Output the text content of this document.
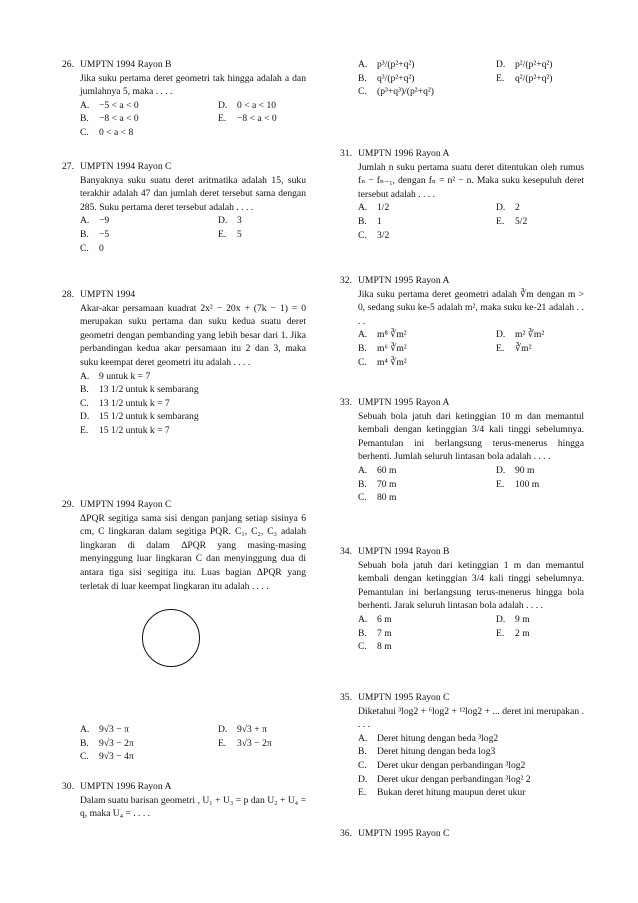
26. UMPTN 1994 Rayon B
Jika suku pertama deret geometri tak hingga adalah a dan jumlahnya 5, maka . . . .
A.	−5 < a < 0	D.	0 < a < 10
B.	−8 < a < 0	E.	−8 < a < 0
C.	0 < a < 8
27. UMPTN 1994 Rayon C
Banyaknya suku suatu deret aritmatika adalah 15, suku terakhir adalah 47 dan jumlah deret tersebut sama dengan 285. Suku pertama deret tersebut adalah . . . .
A.	−9	D.	3
B.	−5	E.	5
C.	0
28. UMPTN 1994
Akar-akar persamaan kuadrat 2x² − 20x + (7k − 1) = 0 merupakan suku pertama dan suku kedua suatu deret geometri dengan pembanding yang lebih besar dari 1. Jika perbandingan kedua akar persamaan itu 2 dan 3, maka suku keempat deret geometri itu adalah . . . .
A.	9 untuk k = 7
B.	13 1/2 untuk k sembarang
C.	13 1/2 untuk k = 7
D.	15 1/2 untuk k sembarang
E.	15 1/2 untuk k = 7
29. UMPTN 1994 Rayon C
ΔPQR segitiga sama sisi dengan panjang setiap sisinya 6 cm, C lingkaran dalam segitiga PQR. C₁, C₂, C₃ adalah lingkaran di dalam ΔPQR yang masing-masing menyinggung luar lingkaran C dan menyinggung dua di antara tiga sisi segitiga itu. Luas bagian ΔPQR yang terletak di luar keempat lingkaran itu adalah . . . .
A.	9√3 − π	D.	9√3 + π
B.	9√3 − 2π	E.	3√3 − 2π
C.	9√3 − 4π
30. UMPTN 1996 Rayon A
Dalam suatu barisan geometri , U₁ + U₃ = p dan U₂ + U₄ = q, maka U₄ = . . . .
A.	p³/(p²+q²)	D.	p²/(p²+q²)
B.	q³/(p²+q²)	E.	q²/(p²+q²)
C.	(p³+q³)/(p²+q²)
31. UMPTN 1996 Rayon A
Jumlah n suku pertama suatu deret ditentukan oleh rumus fₙ − fₙ₋₁, dengan fₙ = n² − n. Maka suku kesepuluh deret tersebut adalah . . . .
A.	1/2	D.	2
B.	1	E.	5/2
C.	3/2
32. UMPTN 1995 Rayon A
Jika suku pertama deret geometri adalah ∛m dengan m > 0, sedang suku ke-5 adalah m², maka suku ke-21 adalah . . . .
A.	m⁸ ∛m²	D.	m² ∛m²
B.	m⁶ ∛m²	E.	∛m²
C.	m⁴ ∛m²
33. UMPTN 1995 Rayon A
Sebuah bola jatuh dari ketinggian 10 m dan memantul kembali dengan ketinggian 3/4 kali tinggi sebelumnya. Pemantulan ini berlangsung terus-menerus hingga berhenti. Jumlah seluruh lintasan bola adalah . . . .
A.	60 m	D.	90 m
B.	70 m	E.	100 m
C.	80 m
34. UMPTN 1994 Rayon B
Sebuah bola jatuh dari ketinggian 1 m dan memantul kembali dengan ketinggian 3/4 kali tinggi sebelumnya. Pemantulan ini berlangsung terus-menerus hingga bola berhenti. Jarak seluruh lintasan bola adalah . . . .
A.	6 m	D.	9 m
B.	7 m	E.	2 m
C.	8 m
35. UMPTN 1995 Rayon C
Diketahui ³log2 + ⁶log2 + ¹²log2 + ... deret ini merupakan . . . .
A.	Deret hitung dengan beda ³log2
B.	Deret hitung dengan beda log3
C.	Deret ukur dengan perbandingan ³log2
D.	Deret ukur dengan perbandingan ³log² 2
E.	Bukan deret hitung maupun deret ukur
36. UMPTN 1995 Rayon C
